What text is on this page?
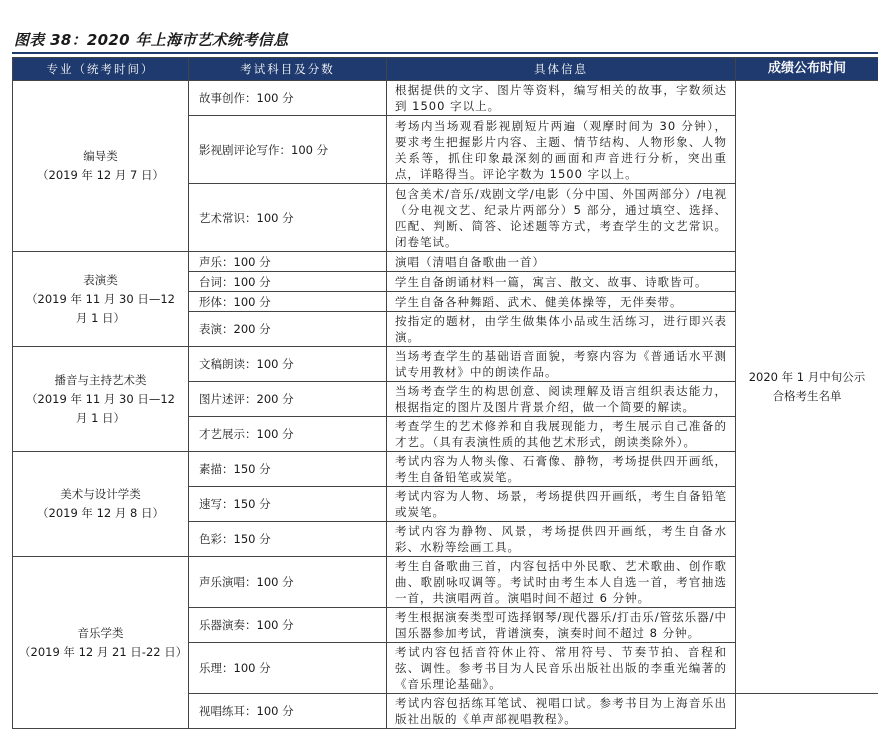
图表 38：2020 年上海市艺术统考信息
专业（统考时间）	考试科目及分数	具体信息	成绩公布时间

编导类
（2019 年 12 月 7 日）	故事创作：100 分	根据提供的文字、图片等资料，编写相关的故事，字数须达到 1500 字以上。	2020 年 1 月中旬公示合格考生名单

	影视剧评论写作：100 分	考场内当场观看影视剧短片两遍（观摩时间为 30 分钟），要求考生把握影片内容、主题、情节结构、人物形象、人物关系等，抓住印象最深刻的画面和声音进行分析，突出重点，详略得当。评论字数为 1500 字以上。	
	艺术常识：100 分	包含美术/音乐/戏剧文学/电影（分中国、外国两部分）/电视（分电视文艺、纪录片两部分）5 部分，通过填空、选择、匹配、判断、简答、论述题等方式，考查学生的文艺常识。闭卷笔试。	

表演类
（2019 年 11 月 30 日—12 月 1 日）	声乐：100 分	演唱（清唱自备歌曲一首）	
	台词：100 分	学生自备朗诵材料一篇，寓言、散文、故事、诗歌皆可。	
	形体：100 分	学生自备各种舞蹈、武术、健美体操等，无伴奏带。	
	表演：200 分	按指定的题材，由学生做集体小品或生活练习，进行即兴表演。	

播音与主持艺术类
（2019 年 11 月 30 日—12 月 1 日）	文稿朗读：100 分	当场考查学生的基础语音面貌，考察内容为《普通话水平测试专用教材》中的朗读作品。	
	图片述评：200 分	当场考查学生的构思创意、阅读理解及语言组织表达能力，根据指定的图片及图片背景介绍，做一个简要的解读。	
	才艺展示：100 分	考查学生的艺术修养和自我展现能力，考生展示自己准备的才艺。（具有表演性质的其他艺术形式，朗读类除外）。	

美术与设计学类
（2019 年 12 月 8 日）	素描：150 分	考试内容为人物头像、石膏像、静物，考场提供四开画纸，考生自备铅笔或炭笔。	
	速写：150 分	考试内容为人物、场景，考场提供四开画纸，考生自备铅笔或炭笔。	
	色彩：150 分	考试内容为静物、风景，考场提供四开画纸，考生自备水彩、水粉等绘画工具。	

音乐学类
（2019 年 12 月 21 日-22 日）	声乐演唱：100 分	考生自备歌曲三首，内容包括中外民歌、艺术歌曲、创作歌曲、歌剧咏叹调等。考试时由考生本人自选一首，考官抽选一首，共演唱两首。演唱时间不超过 6 分钟。	
	乐器演奏：100 分	考生根据演奏类型可选择钢琴/现代器乐/打击乐/管弦乐器/中国乐器参加考试，背谱演奏，演奏时间不超过 8 分钟。	
	乐理：100 分	考试内容包括音符休止符、常用符号、节奏节拍、音程和弦、调性。参考书目为人民音乐出版社出版的李重光编著的《音乐理论基础》。	
	视唱练耳：100 分	考试内容包括练耳笔试、视唱口试。参考书目为上海音乐出版社出版的《单声部视唱教程》。	
